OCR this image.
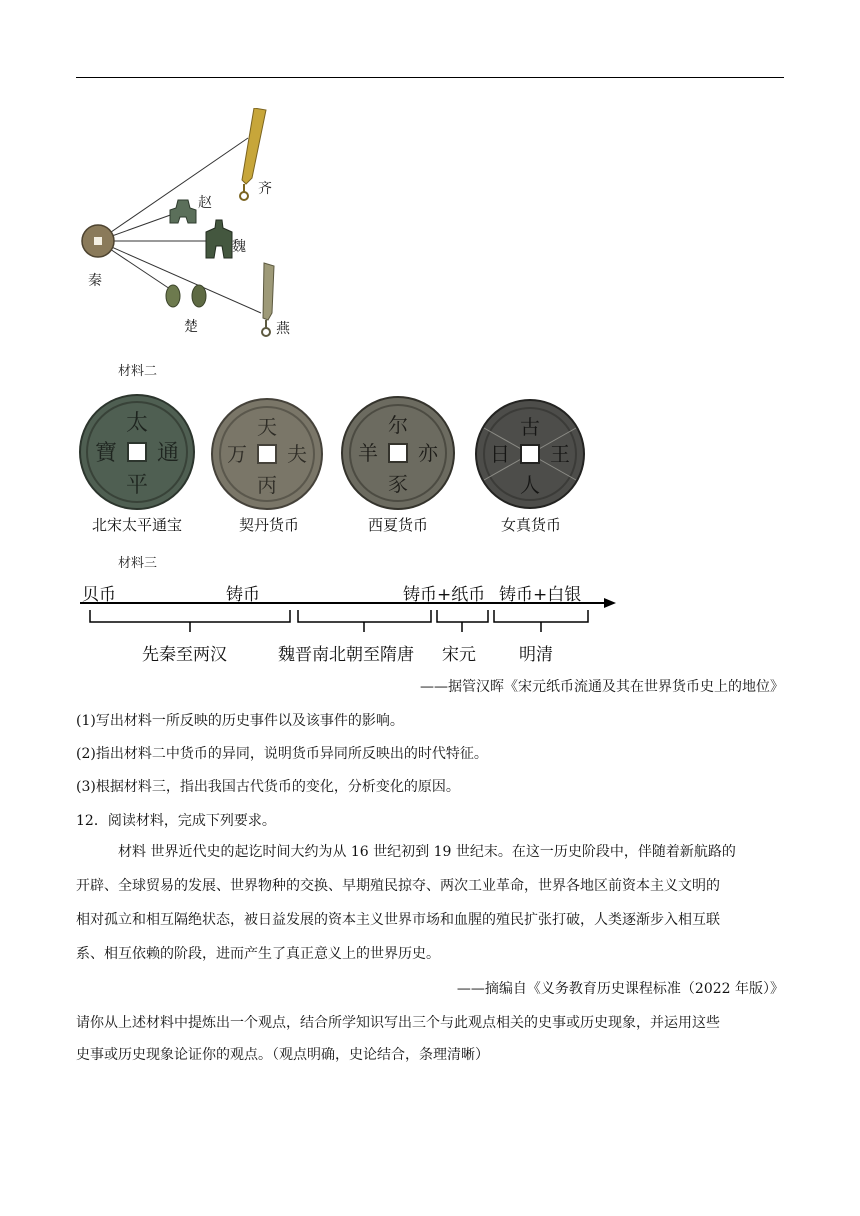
秦
齐
赵
魏
楚	燕
材料二
太
平
通
寶
北宋太平通宝
天
丙
夫
万
契丹货币
尔
豕
亦
羊
西夏货币
古
人
王
日
女真货币
材料三
贝币	铸币	铸币+纸币 铸币+白银
先秦至两汉	魏晋南北朝至隋唐 宋元	明清
——据管汉晖《宋元纸币流通及其在世界货币史上的地位》
(1)写出材料一所反映的历史事件以及该事件的影响。
(2)指出材料二中货币的异同，说明货币异同所反映出的时代特征。
(3)根据材料三，指出我国古代货币的变化，分析变化的原因。
12．阅读材料，完成下列要求。
材料 世界近代史的起讫时间大约为从 16 世纪初到 19 世纪末。在这一历史阶段中，伴随着新航路的
开辟、全球贸易的发展、世界物种的交换、早期殖民掠夺、两次工业革命，世界各地区前资本主义文明的
相对孤立和相互隔绝状态，被日益发展的资本主义世界市场和血腥的殖民扩张打破，人类逐渐步入相互联
系、相互依赖的阶段，进而产生了真正意义上的世界历史。
——摘编自《义务教育历史课程标准（2022 年版）》
请你从上述材料中提炼出一个观点，结合所学知识写出三个与此观点相关的史事或历史现象，并运用这些
史事或历史现象论证你的观点。（观点明确，史论结合，条理清晰）
